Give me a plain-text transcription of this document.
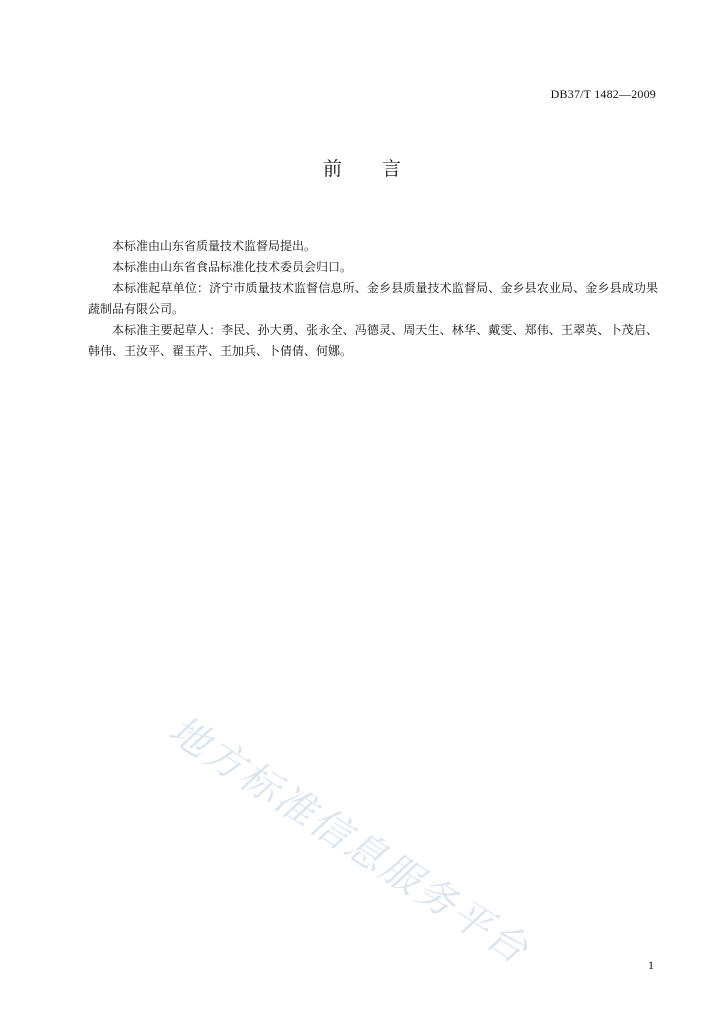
DB37/T 1482—2009
前 言

本标准由山东省质量技术监督局提出。

本标准由山东省食品标准化技术委员会归口。

本标准起草单位：济宁市质量技术监督信息所、金乡县质量技术监督局、金乡县农业局、金乡县成功果蔬制品有限公司。

本标准主要起草人：李民、孙大勇、张永全、冯德灵、周天生、林华、戴雯、郑伟、王翠英、卜茂启、韩伟、王汝平、翟玉芹、王加兵、卜倩倩、何娜。

地方标准信息服务平台	1
